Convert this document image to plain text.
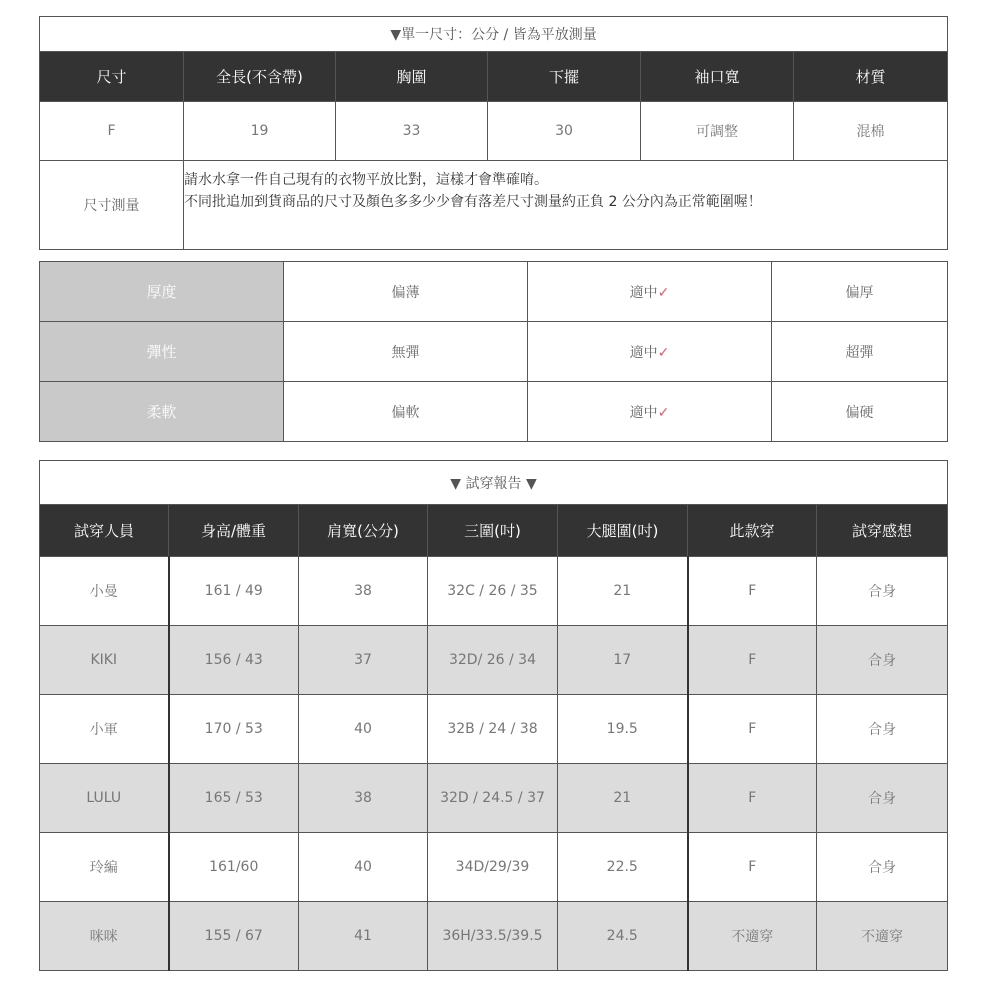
▼單一尺寸：公分 / 皆為平放測量					
尺寸	全長(不含帶)	胸圍	下擺	袖口寬	材質
F	19	33	30	可調整	混棉
尺寸測量	請水水拿一件自己現有的衣物平放比對，這樣才會準確唷。
不同批追加到貨商品的尺寸及顏色多多少少會有落差尺寸測量約正負 2 公分內為正常範圍喔！				
厚度	偏薄	適中✓	偏厚
彈性	無彈	適中✓	超彈
柔軟	偏軟	適中✓	偏硬
▼ 試穿報告 ▼						
試穿人員	身高/體重	肩寬(公分)	三圍(吋)	大腿圍(吋)	此款穿	試穿感想
小曼	161 / 49	38	32C / 26 / 35	21	F	合身
KIKI	156 / 43	37	32D/ 26 / 34	17	F	合身
小軍	170 / 53	40	32B / 24 / 38	19.5	F	合身
LULU	165 / 53	38	32D / 24.5 / 37	21	F	合身
玲編	161/60	40	34D/29/39	22.5	F	合身
咪咪	155 / 67	41	36H/33.5/39.5	24.5	不適穿	不適穿
